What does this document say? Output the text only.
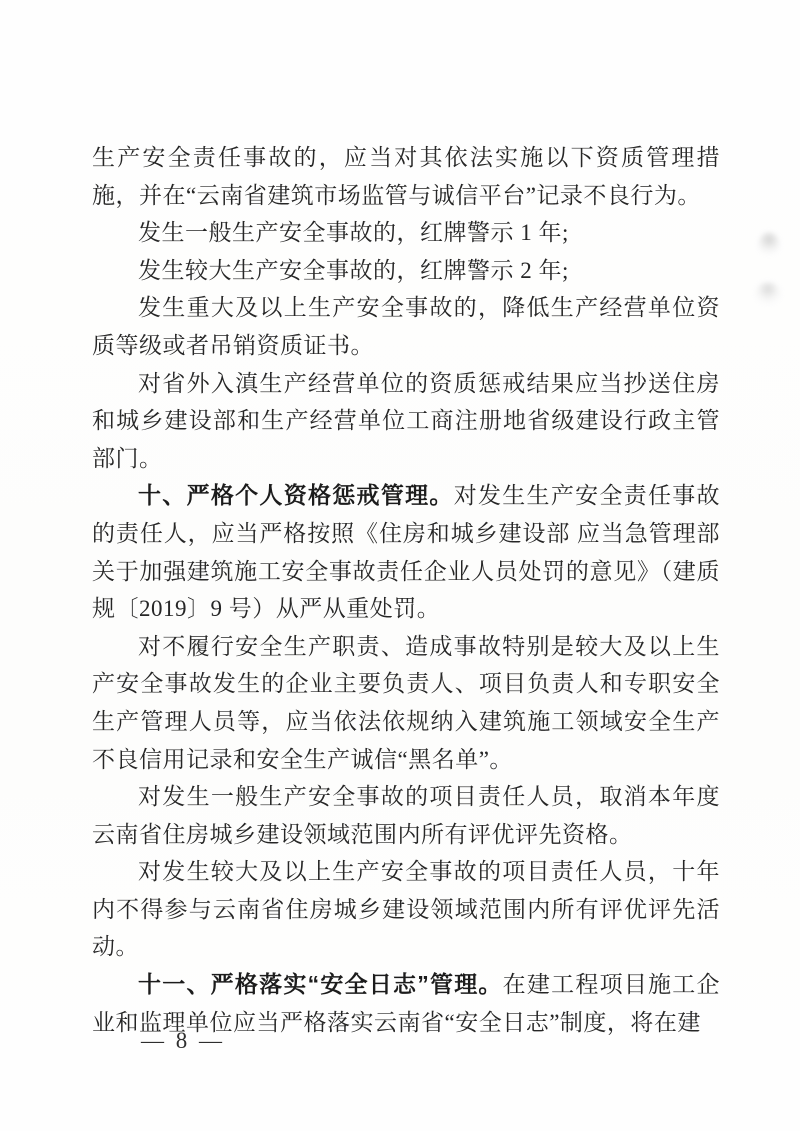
生产安全责任事故的，应当对其依法实施以下资质管理措施，并在“云南省建筑市场监管与诚信平台”记录不良行为。

发生一般生产安全事故的，红牌警示 1 年;

发生较大生产安全事故的，红牌警示 2 年;

发生重大及以上生产安全事故的，降低生产经营单位资质等级或者吊销资质证书。

对省外入滇生产经营单位的资质惩戒结果应当抄送住房和城乡建设部和生产经营单位工商注册地省级建设行政主管部门。

十、严格个人资格惩戒管理。对发生生产安全责任事故的责任人，应当严格按照《住房和城乡建设部 应当急管理部关于加强建筑施工安全事故责任企业人员处罚的意见》（建质规〔2019〕9 号）从严从重处罚。

对不履行安全生产职责、造成事故特别是较大及以上生产安全事故发生的企业主要负责人、项目负责人和专职安全生产管理人员等，应当依法依规纳入建筑施工领域安全生产不良信用记录和安全生产诚信“黑名单”。

对发生一般生产安全事故的项目责任人员，取消本年度云南省住房城乡建设领域范围内所有评优评先资格。

对发生较大及以上生产安全事故的项目责任人员，十年内不得参与云南省住房城乡建设领域范围内所有评优评先活动。

十一、严格落实“安全日志”管理。在建工程项目施工企业和监理单位应当严格落实云南省“安全日志”制度，将在建

— 8 —
